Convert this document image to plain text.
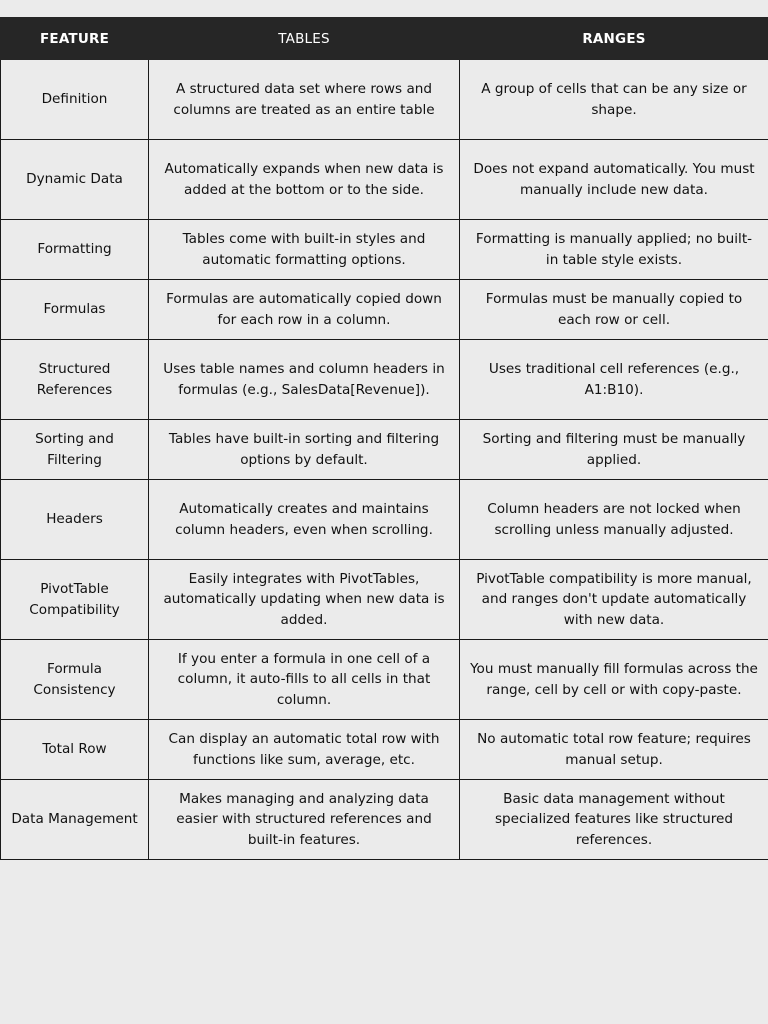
FEATURE	TABLES	RANGES
Definition	A structured data set where rows and columns are treated as an entire table	A group of cells that can be any size or shape.
Dynamic Data	Automatically expands when new data is added at the bottom or to the side.	Does not expand automatically. You must manually include new data.
Formatting	Tables come with built-in styles and automatic formatting options.	Formatting is manually applied; no built-in table style exists.
Formulas	Formulas are automatically copied down for each row in a column.	Formulas must be manually copied to each row or cell.
Structured References	Uses table names and column headers in formulas (e.g., SalesData[Revenue]).	Uses traditional cell references (e.g., A1:B10).
Sorting and Filtering	Tables have built-in sorting and filtering options by default.	Sorting and filtering must be manually applied.
Headers	Automatically creates and maintains column headers, even when scrolling.	Column headers are not locked when scrolling unless manually adjusted.
PivotTable Compatibility	Easily integrates with PivotTables, automatically updating when new data is added.	PivotTable compatibility is more manual, and ranges don't update automatically with new data.
Formula Consistency	If you enter a formula in one cell of a column, it auto-fills to all cells in that column.	You must manually fill formulas across the range, cell by cell or with copy-paste.
Total Row	Can display an automatic total row with functions like sum, average, etc.	No automatic total row feature; requires manual setup.
Data Management	Makes managing and analyzing data easier with structured references and built-in features.	Basic data management without specialized features like structured references.
